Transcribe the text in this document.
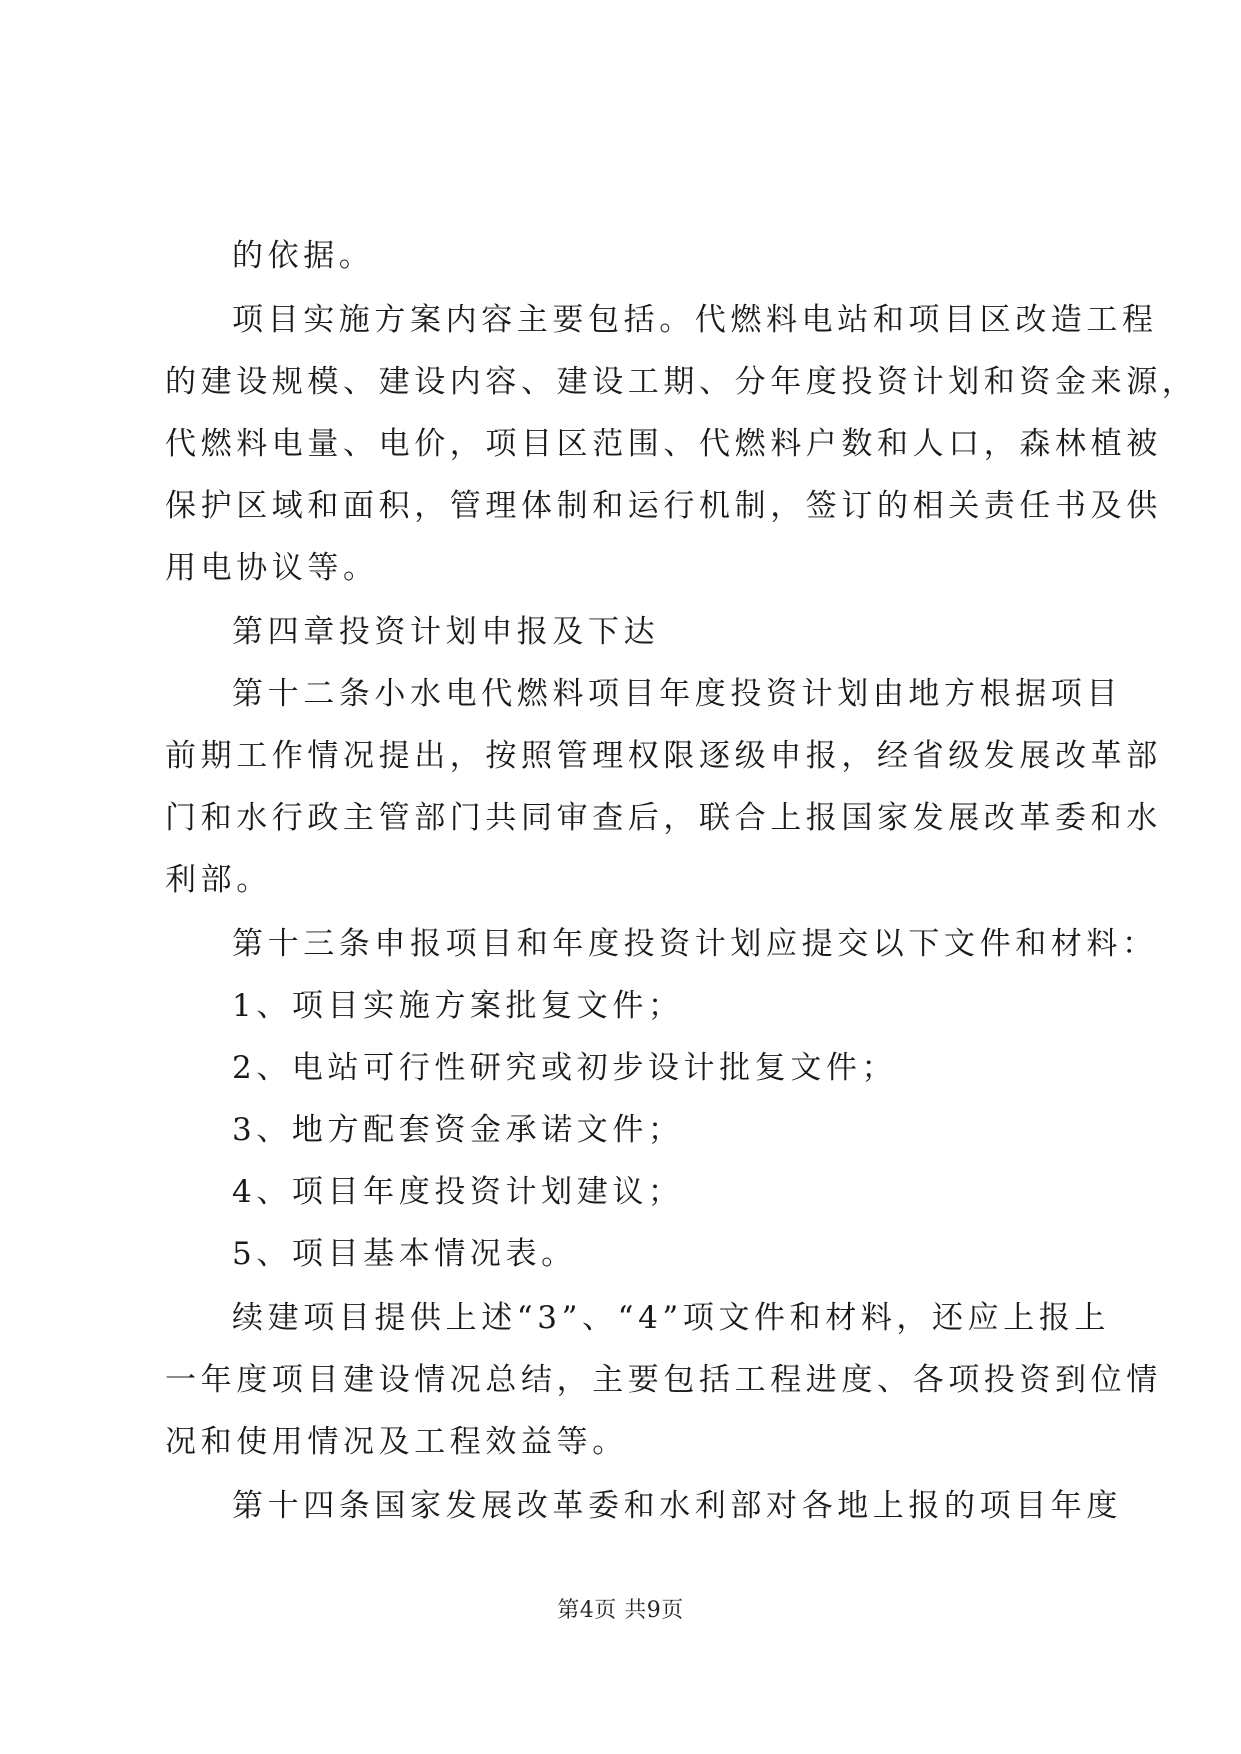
的依据。
项目实施方案内容主要包括。代燃料电站和项目区改造工程
的建设规模、建设内容、建设工期、分年度投资计划和资金来源，
代燃料电量、电价，项目区范围、代燃料户数和人口，森林植被
保护区域和面积，管理体制和运行机制，签订的相关责任书及供
用电协议等。
第四章投资计划申报及下达
第十二条小水电代燃料项目年度投资计划由地方根据项目
前期工作情况提出，按照管理权限逐级申报，经省级发展改革部
门和水行政主管部门共同审查后，联合上报国家发展改革委和水
利部。
第十三条申报项目和年度投资计划应提交以下文件和材料：
1、项目实施方案批复文件；
2、电站可行性研究或初步设计批复文件；
3、地方配套资金承诺文件；
4、项目年度投资计划建议；
5、项目基本情况表。
续建项目提供上述“3”、“4”项文件和材料，还应上报上
一年度项目建设情况总结，主要包括工程进度、各项投资到位情
况和使用情况及工程效益等。
第十四条国家发展改革委和水利部对各地上报的项目年度
第4页 共9页
